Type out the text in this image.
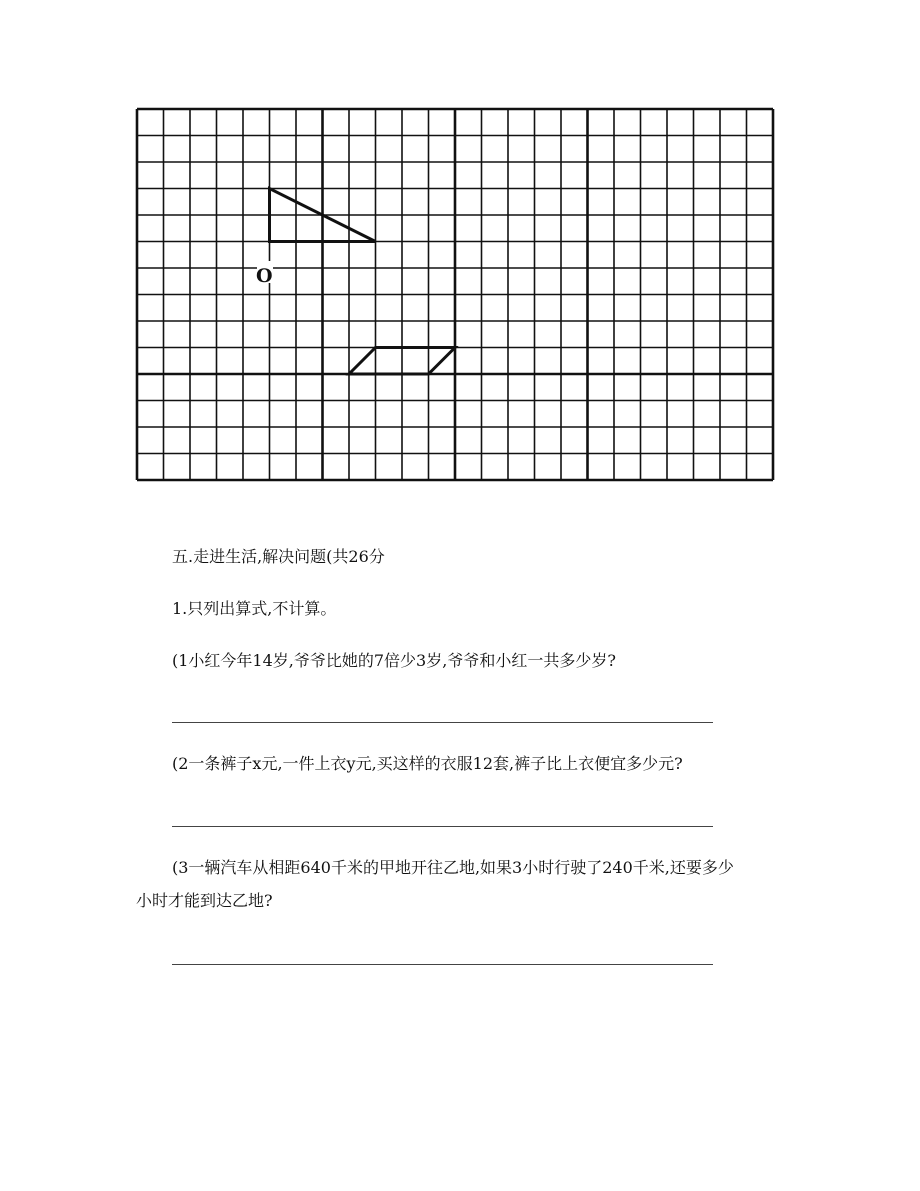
O
五.走进生活,解决问题(共26分
1.只列出算式,不计算。
(1小红今年14岁,爷爷比她的7倍少3岁,爷爷和小红一共多少岁?
(2一条裤子x元,一件上衣y元,买这样的衣服12套,裤子比上衣便宜多少元?
(3一辆汽车从相距640千米的甲地开往乙地,如果3小时行驶了240千米,还要多少
小时才能到达乙地?
